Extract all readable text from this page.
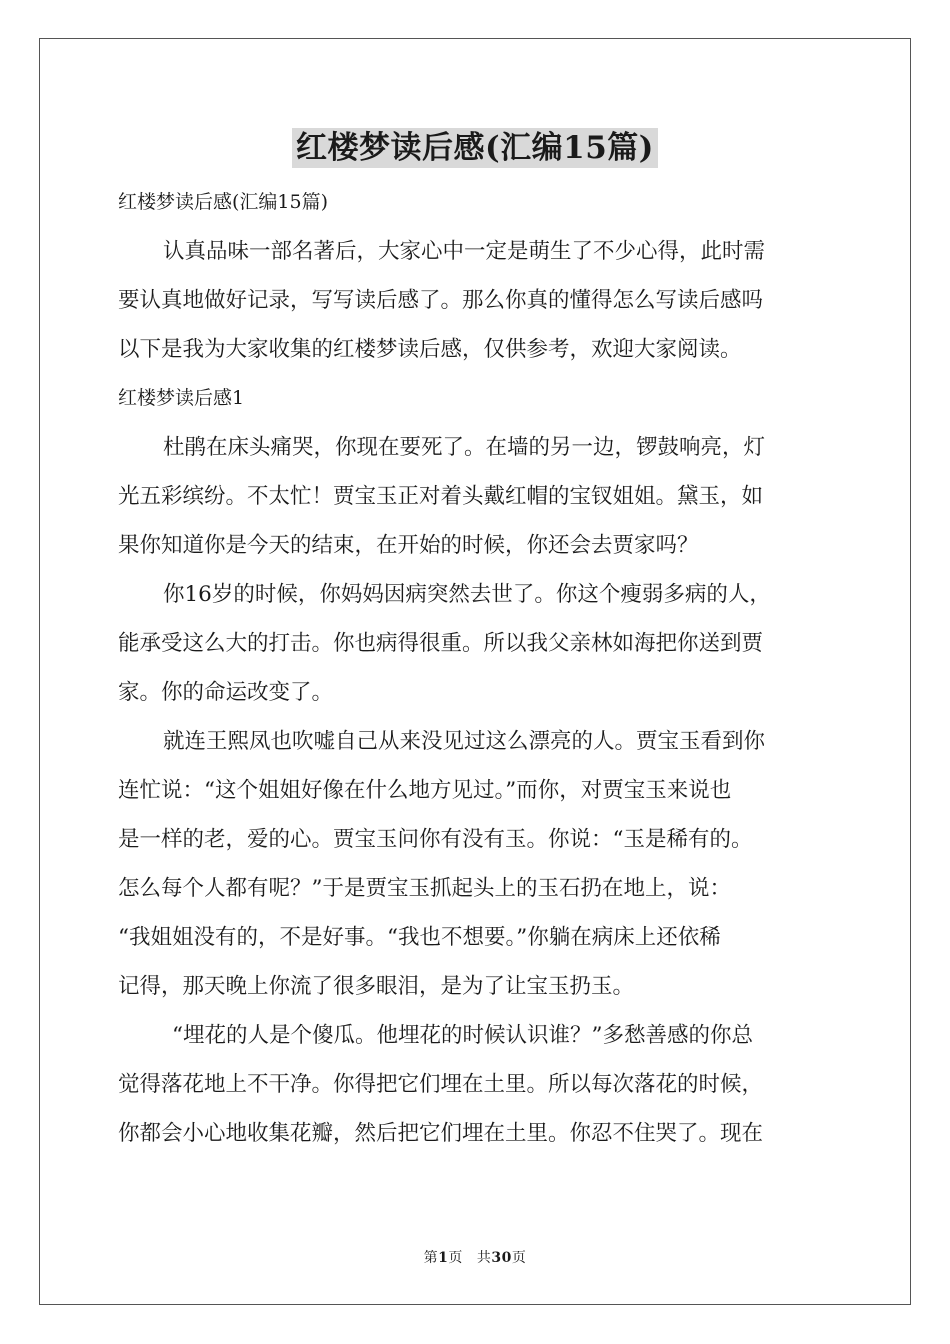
红楼梦读后感(汇编15篇)
红楼梦读后感(汇编15篇)
认真品味一部名著后，大家心中一定是萌生了不少心得，此时需
要认真地做好记录，写写读后感了。那么你真的懂得怎么写读后感吗
以下是我为大家收集的红楼梦读后感，仅供参考，欢迎大家阅读。
红楼梦读后感1
杜鹃在床头痛哭，你现在要死了。在墙的另一边，锣鼓响亮，灯
光五彩缤纷。不太忙！贾宝玉正对着头戴红帽的宝钗姐姐。黛玉，如
果你知道你是今天的结束，在开始的时候，你还会去贾家吗？
你16岁的时候，你妈妈因病突然去世了。你这个瘦弱多病的人，
能承受这么大的打击。你也病得很重。所以我父亲林如海把你送到贾
家。你的命运改变了。
就连王熙凤也吹嘘自己从来没见过这么漂亮的人。贾宝玉看到你
连忙说：“这个姐姐好像在什么地方见过。”而你，对贾宝玉来说也
是一样的老，爱的心。贾宝玉问你有没有玉。你说：“玉是稀有的。
怎么每个人都有呢？”于是贾宝玉抓起头上的玉石扔在地上，说：
“我姐姐没有的，不是好事。“我也不想要。”你躺在病床上还依稀
记得，那天晚上你流了很多眼泪，是为了让宝玉扔玉。
“埋花的人是个傻瓜。他埋花的时候认识谁？”多愁善感的你总
觉得落花地上不干净。你得把它们埋在土里。所以每次落花的时候，
你都会小心地收集花瓣，然后把它们埋在土里。你忍不住哭了。现在
第1页 共30页
